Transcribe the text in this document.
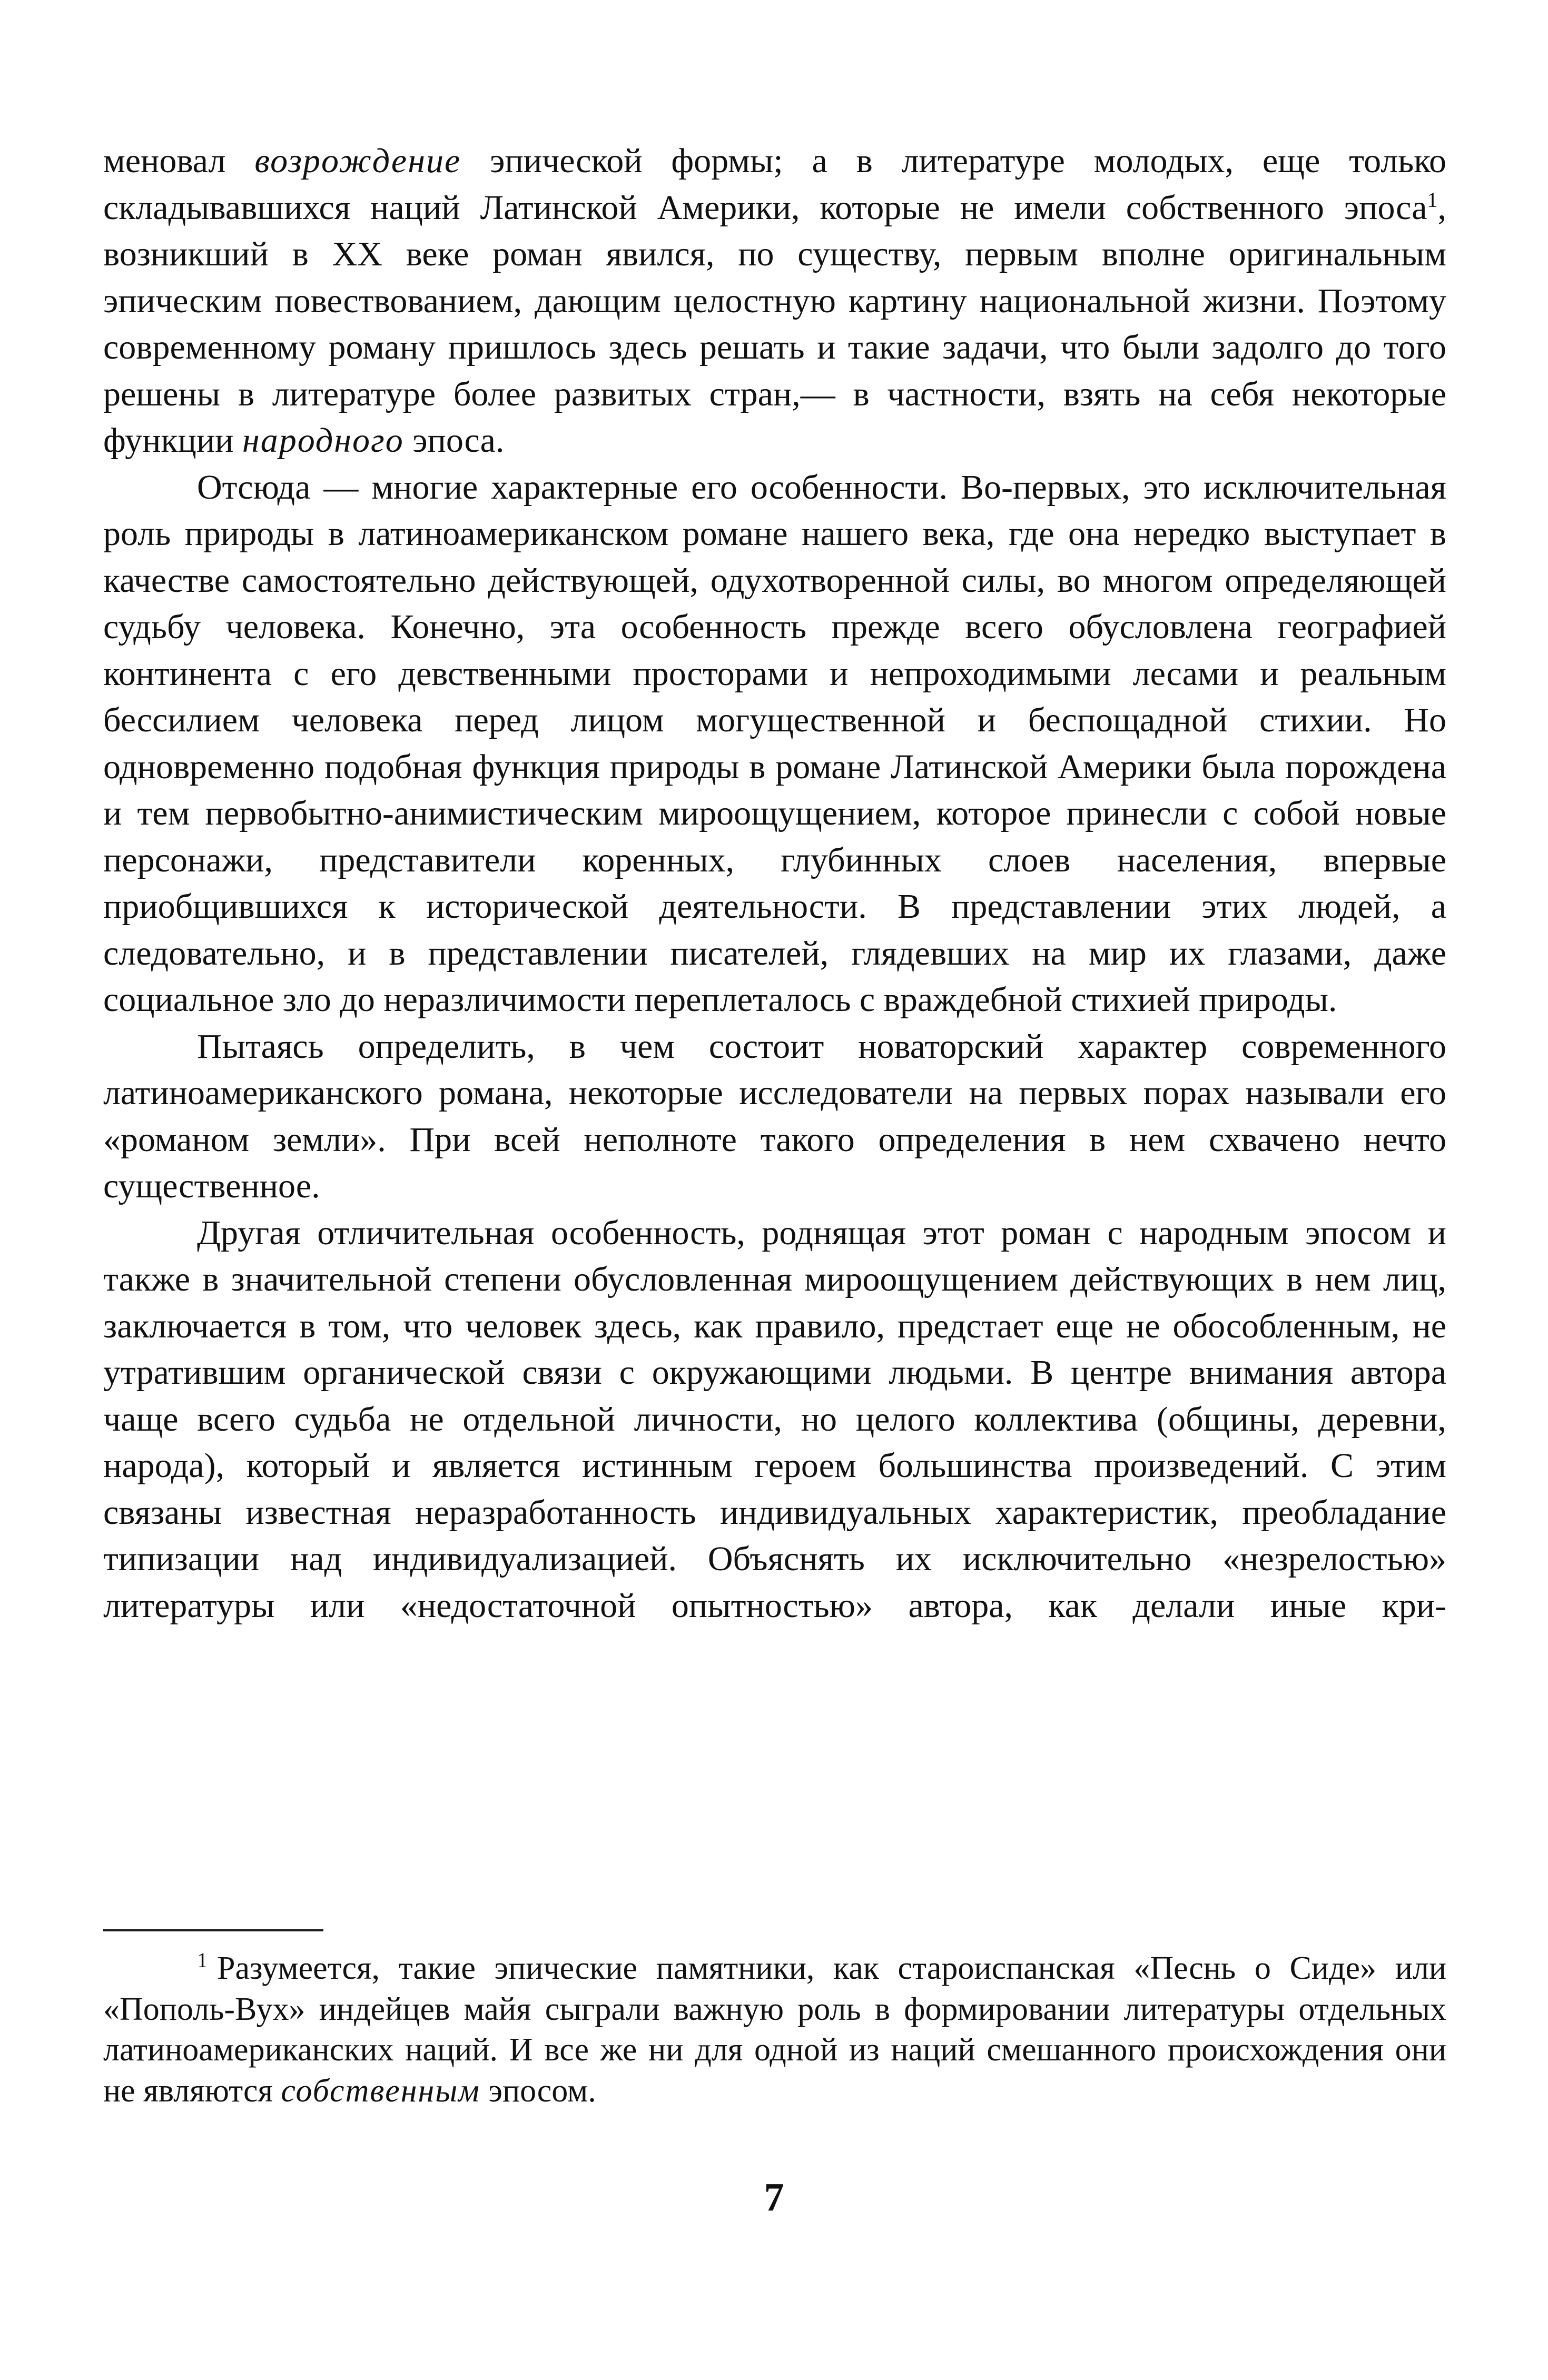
меновал возрождение эпической формы; а в литературе молодых, еще только складывавшихся наций Латинской Америки, которые не имели собственного эпоса$^1$, возникший в XX веке роман явился, по существу, первым вполне оригинальным эпическим повествованием, дающим целостную картину национальной жизни. Поэтому современному роману пришлось здесь решать и такие задачи, что были задолго до того решены в литературе более развитых стран,— в частности, взять на себя некоторые функции народного эпоса.

Отсюда — многие характерные его особенности. Во-первых, это исключительная роль природы в латиноамериканском романе нашего века, где она нередко выступает в качестве самостоятельно действующей, одухотворенной силы, во многом определяющей судьбу человека. Конечно, эта особенность прежде всего обусловлена географией континента с его девственными просторами и непроходимыми лесами и реальным бессилием человека перед лицом могущественной и беспощадной стихии. Но одновременно подобная функция природы в романе Латинской Америки была порождена и тем первобытно-анимистическим мироощущением, которое принесли с собой новые персонажи, представители коренных, глубинных слоев населения, впервые приобщившихся к исторической деятельности. В представлении этих людей, а следовательно, и в представлении писателей, глядевших на мир их глазами, даже социальное зло до неразличимости переплеталось с враждебной стихией природы.

Пытаясь определить, в чем состоит новаторский характер современного латиноамериканского романа, некоторые исследователи на первых порах называли его «романом земли». При всей неполноте такого определения в нем схвачено нечто существенное.

Другая отличительная особенность, роднящая этот роман с народным эпосом и также в значительной степени обусловленная мироощущением действующих в нем лиц, заключается в том, что человек здесь, как правило, предстает еще не обособленным, не утратившим органической связи с окружающими людьми. В центре внимания автора чаще всего судьба не отдельной личности, но целого коллектива (общины, деревни, народа), который и является истинным героем большинства произведений. С этим связаны известная неразработанность индивидуальных характеристик, преобладание типизации над индивидуализацией. Объяснять их исключительно «незрелостью» литературы или «недостаточной опытностью» автора, как делали иные кри-

$^1$ Разумеется, такие эпические памятники, как староиспанская «Песнь о Сиде» или «Пополь-Вух» индейцев майя сыграли важную роль в формировании литературы отдельных латиноамериканских наций. И все же ни для одной из наций смешанного происхождения они не являются собственным эпосом.
7
